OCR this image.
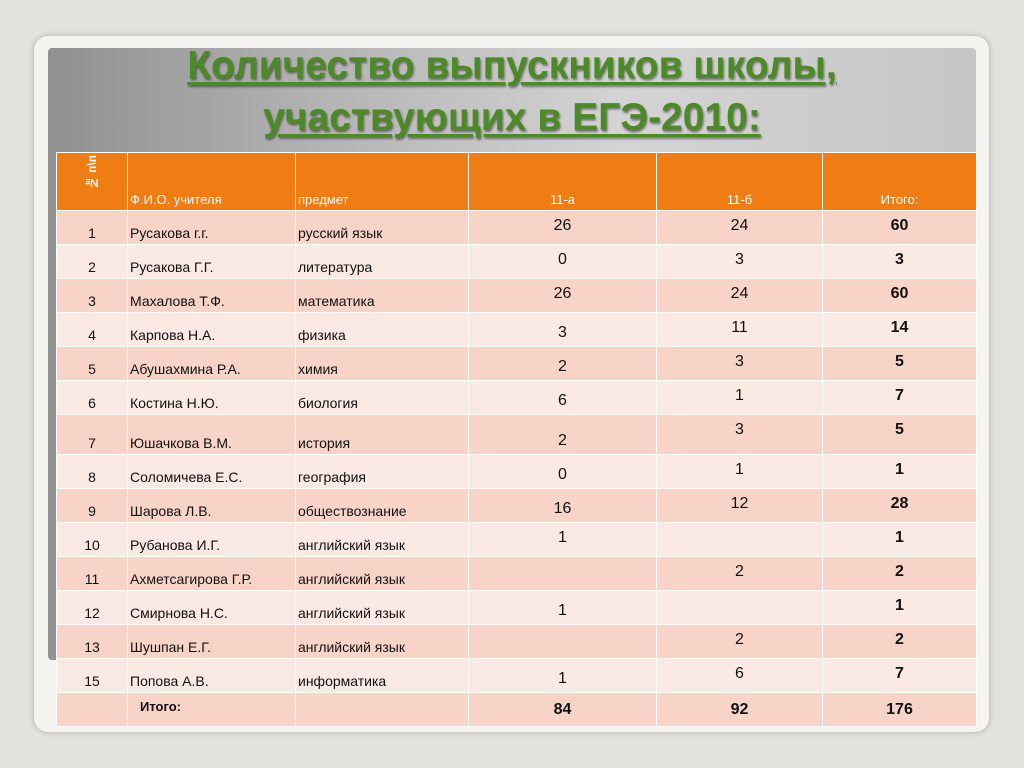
Количество выпускников школы,
участвующих в ЕГЭ-2010:
№ п\п	Ф.И.О. учителя	предмет	11-а	11-б	Итого:
1	Русакова г.г.	русский язык	26	24	60
2	Русакова Г.Г.	литература	0	3	3
3	Махалова Т.Ф.	математика	26	24	60
4	Карпова Н.А.	физика	3	11	14
5	Абушахмина Р.А.	химия	2	3	5
6	Костина Н.Ю.	биология	6	1	7
7	Юшачкова В.М.	история	2	3	5
8	Соломичева Е.С.	география	0	1	1
9	Шарова Л.В.	обществознание	16	12	28
10	Рубанова И.Г.	английский язык	1		1
11	Ахметсагирова Г.Р.	английский язык		2	2
12	Смирнова Н.С.	английский язык	1		1
13	Шушпан Е.Г.	английский язык		2	2
15	Попова А.В.	информатика	1	6	7
	Итого:		84	92	176
